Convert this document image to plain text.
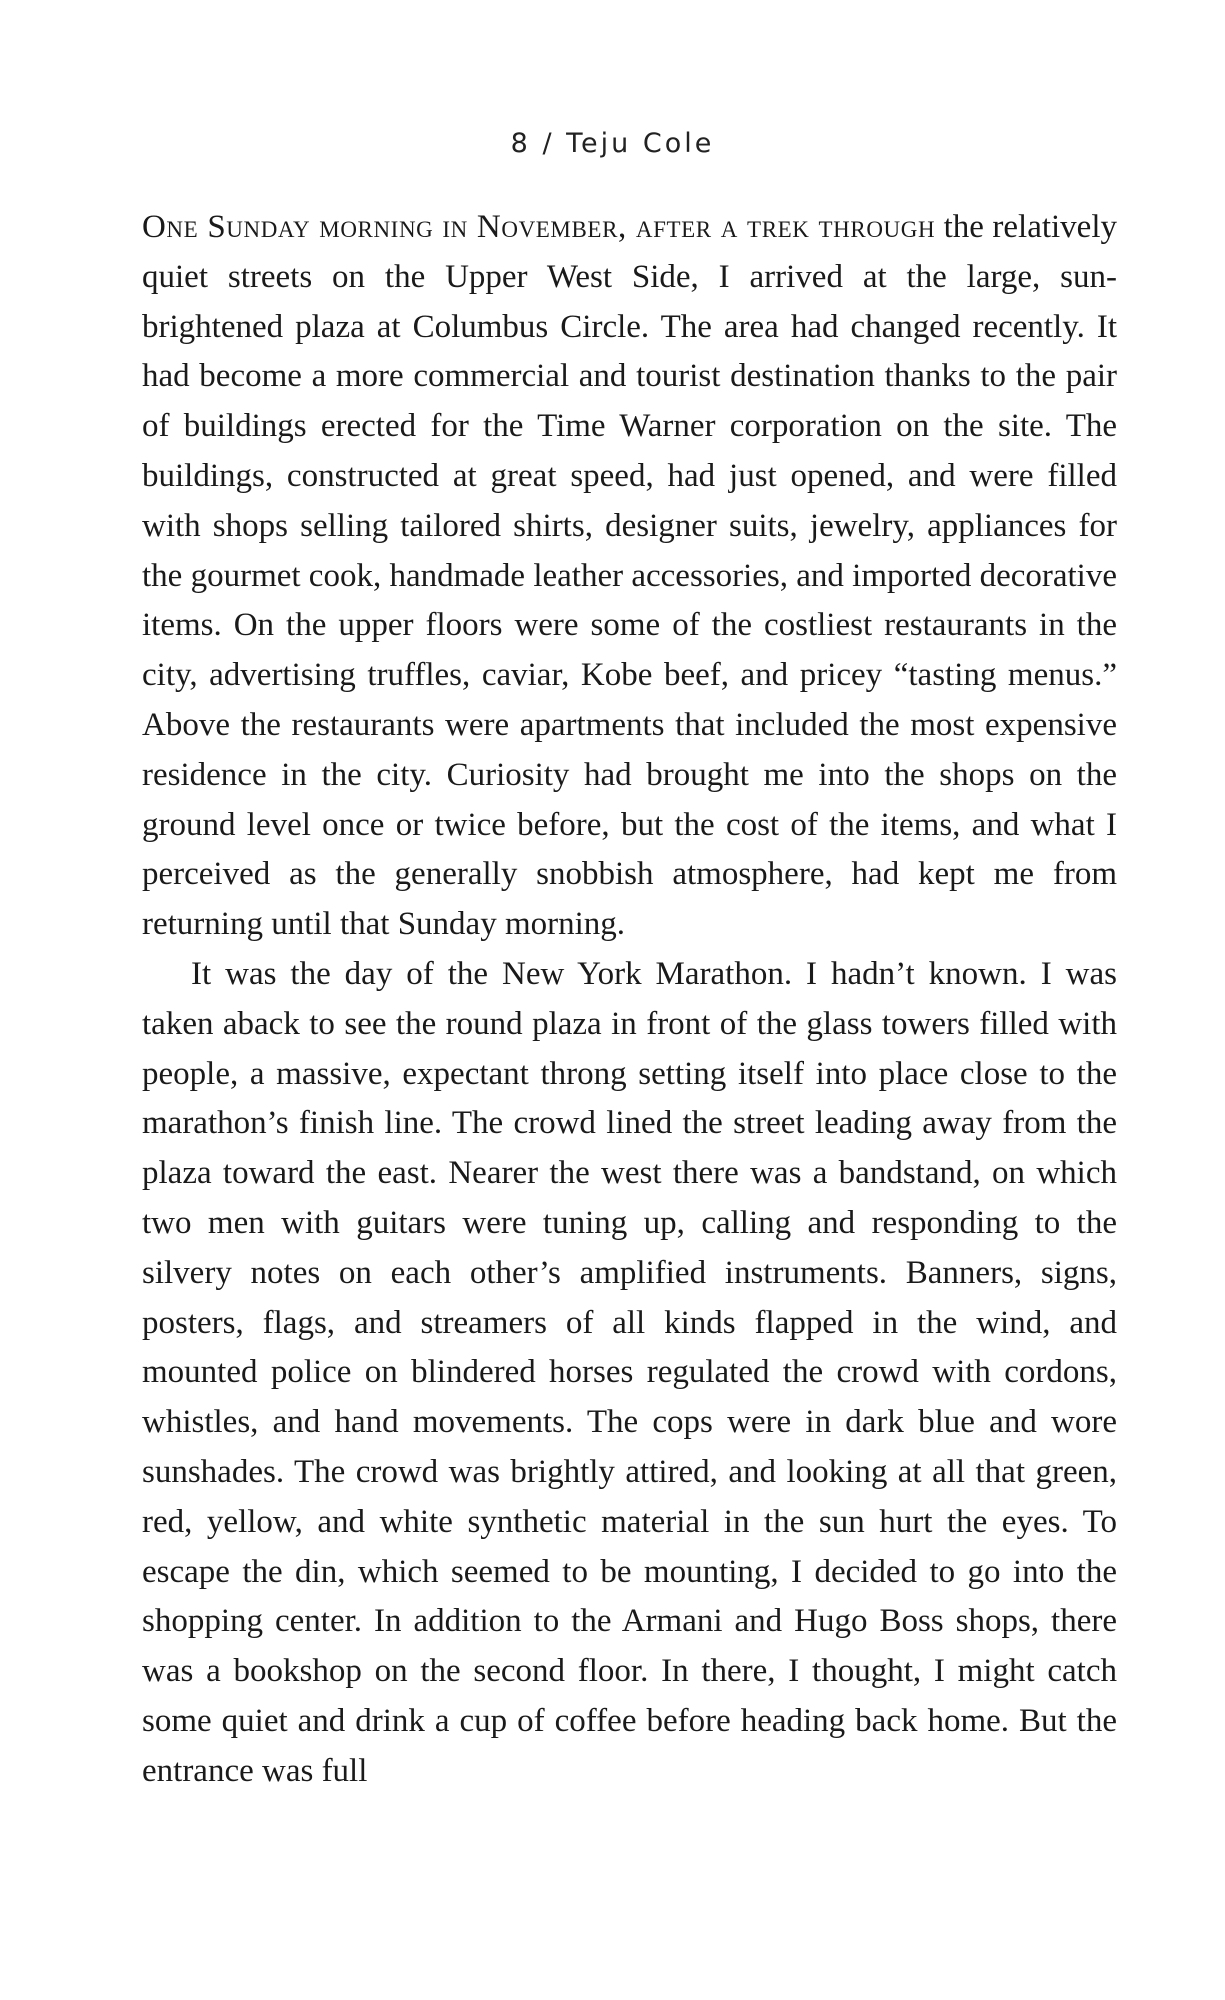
8 / Teju Cole

One Sunday morning in November, after a trek through the relatively quiet streets on the Upper West Side, I arrived at the large, sun-brightened plaza at Columbus Circle. The area had changed recently. It had become a more commercial and tourist destination thanks to the pair of buildings erected for the Time Warner corporation on the site. The buildings, constructed at great speed, had just opened, and were filled with shops selling tailored shirts, designer suits, jewelry, appliances for the gourmet cook, handmade leather accessories, and imported decorative items. On the upper floors were some of the costliest restaurants in the city, advertising truffles, caviar, Kobe beef, and pricey “tasting menus.” Above the restaurants were apartments that included the most expensive residence in the city. Curiosity had brought me into the shops on the ground level once or twice before, but the cost of the items, and what I perceived as the generally snobbish atmosphere, had kept me from returning until that Sunday morning.

It was the day of the New York Marathon. I hadn’t known. I was taken aback to see the round plaza in front of the glass towers filled with people, a massive, expectant throng setting itself into place close to the marathon’s finish line. The crowd lined the street leading away from the plaza toward the east. Nearer the west there was a bandstand, on which two men with guitars were tuning up, calling and responding to the silvery notes on each other’s amplified instruments. Banners, signs, posters, flags, and streamers of all kinds flapped in the wind, and mounted police on blindered horses regulated the crowd with cordons, whistles, and hand movements. The cops were in dark blue and wore sunshades. The crowd was brightly attired, and looking at all that green, red, yellow, and white synthetic material in the sun hurt the eyes. To escape the din, which seemed to be mounting, I decided to go into the shopping center. In addition to the Armani and Hugo Boss shops, there was a bookshop on the second floor. In there, I thought, I might catch some quiet and drink a cup of coffee before heading back home. But the entrance was full
